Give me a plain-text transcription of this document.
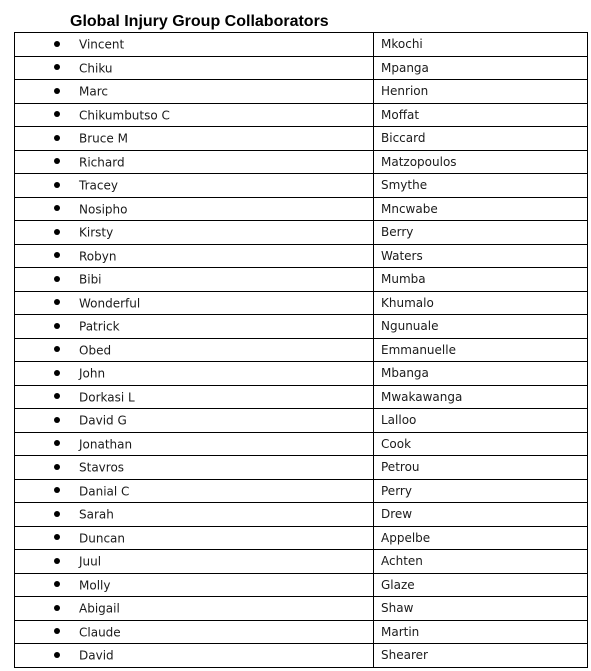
Global Injury Group Collaborators
Vincent	Mkochi
Chiku	Mpanga
Marc	Henrion
Chikumbutso C	Moffat
Bruce M	Biccard
Richard	Matzopoulos
Tracey	Smythe
Nosipho	Mncwabe
Kirsty	Berry
Robyn	Waters
Bibi	Mumba
Wonderful	Khumalo
Patrick	Ngunuale
Obed	Emmanuelle
John	Mbanga
Dorkasi L	Mwakawanga
David G	Lalloo
Jonathan	Cook
Stavros	Petrou
Danial C	Perry
Sarah	Drew
Duncan	Appelbe
Juul	Achten
Molly	Glaze
Abigail	Shaw
Claude	Martin
David	Shearer
